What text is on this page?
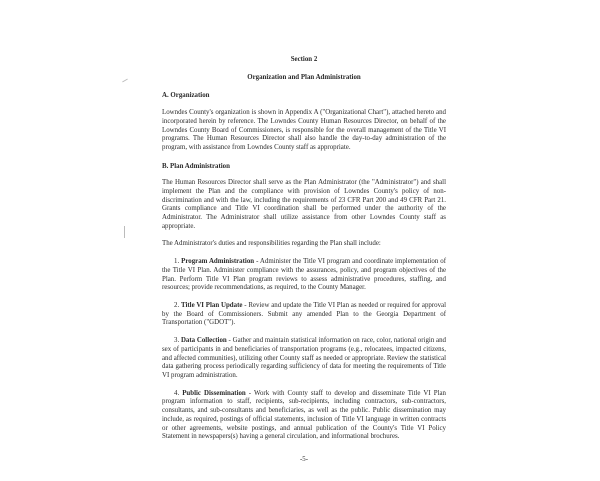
Section 2
Organization and Plan Administration
A. Organization
Lowndes County's organization is shown in Appendix A ("Organizational Chart"), attached hereto and incorporated herein by reference. The Lowndes County Human Resources Director, on behalf of the Lowndes County Board of Commissioners, is responsible for the overall management of the Title VI programs. The Human Resources Director shall also handle the day-to-day administration of the program, with assistance from Lowndes County staff as appropriate.
B. Plan Administration
The Human Resources Director shall serve as the Plan Administrator (the "Administrator") and shall implement the Plan and the compliance with provision of Lowndes County's policy of non-discrimination and with the law, including the requirements of 23 CFR Part 200 and 49 CFR Part 21. Grants compliance and Title VI coordination shall be performed under the authority of the Administrator. The Administrator shall utilize assistance from other Lowndes County staff as appropriate.
The Administrator's duties and responsibilities regarding the Plan shall include:
1. Program Administration - Administer the Title VI program and coordinate implementation of the Title VI Plan. Administer compliance with the assurances, policy, and program objectives of the Plan. Perform Title VI Plan program reviews to assess administrative procedures, staffing, and resources; provide recommendations, as required, to the County Manager.
2. Title VI Plan Update - Review and update the Title VI Plan as needed or required for approval by the Board of Commissioners. Submit any amended Plan to the Georgia Department of Transportation ("GDOT").
3. Data Collection - Gather and maintain statistical information on race, color, national origin and sex of participants in and beneficiaries of transportation programs (e.g., relocatees, impacted citizens, and affected communities), utilizing other County staff as needed or appropriate. Review the statistical data gathering process periodically regarding sufficiency of data for meeting the requirements of Title VI program administration.
4. Public Dissemination - Work with County staff to develop and disseminate Title VI Plan program information to staff, recipients, sub-recipients, including contractors, sub-contractors, consultants, and sub-consultants and beneficiaries, as well as the public. Public dissemination may include, as required, postings of official statements, inclusion of Title VI language in written contracts or other agreements, website postings, and annual publication of the County's Title VI Policy Statement in newspapers(s) having a general circulation, and informational brochures.
-5-
